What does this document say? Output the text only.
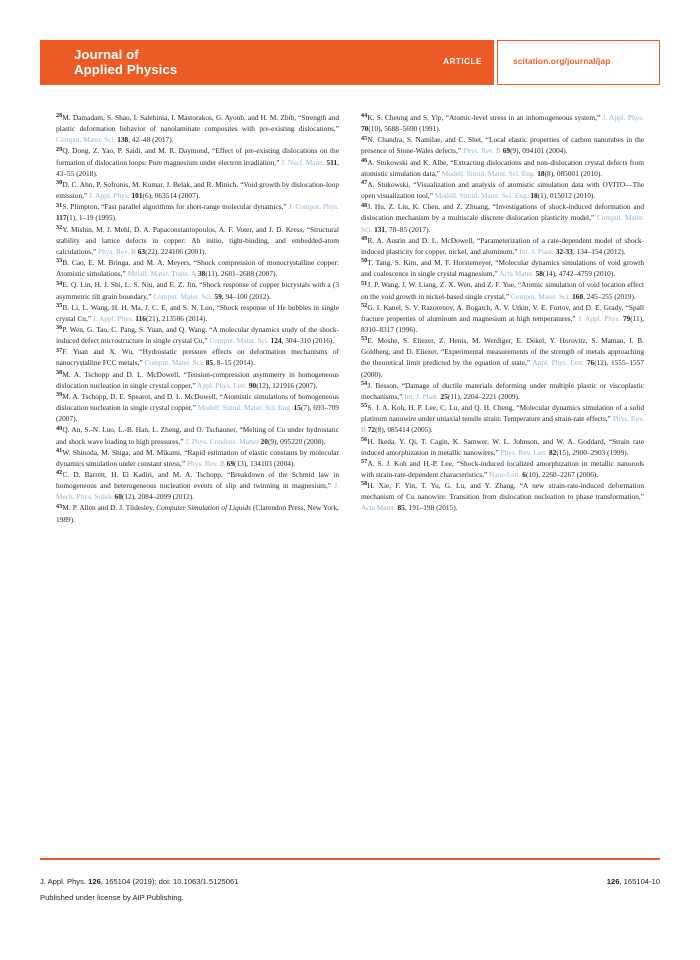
Journal of
Applied Physics
ARTICLE	scitation.org/journal/jap

$^{28}$M. Damadam, S. Shao, I. Salehinia, I. Mastorakos, G. Ayoub, and H. M. Zbib, “Strength and plastic deformation behavior of nanolaminate composites with pre-existing dislocations,” Comput. Mater. Sci. 138, 42–48 (2017).

$^{29}$Q. Dong, Z. Yao, P. Saidi, and M. R. Daymond, “Effect of pre-existing dislocations on the formation of dislocation loops: Pure magnesium under electron irradiation,” J. Nucl. Mater. 511, 43–55 (2018).

$^{30}$D. C. Ahn, P. Sofronis, M. Kumar, J. Belak, and R. Minich, “Void growth by dislocation-loop emission,” J. Appl. Phys. 101(6), 063514 (2007).

$^{31}$S. Plimpton, “Fast parallel algorithms for short-range molecular dynamics,” J. Comput. Phys. 117(1), 1–19 (1995).

$^{32}$Y. Mishin, M. J. Mehl, D. A. Papaconstantopoulos, A. F. Voter, and J. D. Kress, “Structural stability and lattice defects in copper: Ab initio, tight-binding, and embedded-atom calculations,” Phys. Rev. B 63(22), 224106 (2001).

$^{33}$B. Cao, E. M. Bringa, and M. A. Meyers, “Shock compression of monocrystalline copper: Atomistic simulations,” Metall. Mater. Trans. A 38(11), 2681–2688 (2007).

$^{34}$E. Q. Lin, H. J. Shi, L. S. Niu, and E. Z. Jin, “Shock response of copper bicrystals with a (3 asymmetric tilt grain boundary,” Comput. Mater. Sci. 59, 94–100 (2012).

$^{35}$B. Li, L. Wang, H. H. Ma, J. C. E, and S. N. Luo, “Shock response of He bubbles in single crystal Cu,” J. Appl. Phys. 116(21), 213506 (2014).

$^{36}$P. Wen, G. Tao, C. Pang, S. Yuan, and Q. Wang, “A molecular dynamics study of the shock-induced defect microstructure in single crystal Cu,” Comput. Mater. Sci. 124, 304–310 (2016).

$^{37}$F. Yuan and X. Wu, “Hydrostatic pressure effects on deformation mechanisms of nanocrystalline FCC metals,” Comput. Mater. Sci. 85, 8–15 (2014).

$^{38}$M. A. Tschopp and D. L. McDowell, “Tension-compression asymmetry in homogeneous dislocation nucleation in single crystal copper,” Appl. Phys. Lett. 90(12), 121916 (2007).

$^{39}$M. A. Tschopp, D. E. Spearot, and D. L. McDowell, “Atomistic simulations of homogeneous dislocation nucleation in single crystal copper,” Modell. Simul. Mater. Sci. Eng. 15(7), 693–709 (2007).

$^{40}$Q. An, S.-N. Luo, L.-B. Han, L. Zheng, and O. Tschauner, “Melting of Cu under hydrostatic and shock wave loading to high pressures,” J. Phys. Condens. Matter 20(9), 095220 (2008).

$^{41}$W. Shinoda, M. Shiga, and M. Mikami, “Rapid estimation of elastic constants by molecular dynamics simulation under constant stress,” Phys. Rev. B 69(13), 134103 (2004).

$^{42}$C. D. Barrett, H. El Kadiri, and M. A. Tschopp, “Breakdown of the Schmid law in homogeneous and heterogeneous nucleation events of slip and twinning in magnesium,” J. Mech. Phys. Solids 60(12), 2084–2099 (2012).

$^{43}$M. P. Allen and D. J. Tildesley, Computer Simulation of Liquids (Clarendon Press, New York, 1989).

$^{44}$K. S. Cheung and S. Yip, “Atomic-level stress in an inhomogeneous system,” J. Appl. Phys. 70(10), 5688–5690 (1991).

$^{45}$N. Chandra, S. Namilae, and C. Shet, “Local elastic properties of carbon nanotubes in the presence of Stone-Wales defects,” Phys. Rev. B 69(9), 094101 (2004).

$^{46}$A. Stukowski and K. Albe, “Extracting dislocations and non-dislocation crystal defects from atomistic simulation data,” Modell. Simul. Mater. Sci. Eng. 18(8), 085001 (2010).

$^{47}$A. Stukowski, “Visualization and analysis of atomistic simulation data with OVITO—The open visualization tool,” Modell. Simul. Mater. Sci. Eng. 18(1), 015012 (2010).

$^{48}$J. Hu, Z. Liu, K. Chen, and Z. Zhuang, “Investigations of shock-induced deformation and dislocation mechanism by a multiscale discrete dislocation plasticity model,” Comput. Mater. Sci. 131, 78–85 (2017).

$^{49}$R. A. Austin and D. L. McDowell, “Parameterization of a rate-dependent model of shock-induced plasticity for copper, nickel, and aluminum,” Int. J. Plast. 32-33, 134–154 (2012).

$^{50}$T. Tang, S. Kim, and M. F. Horstemeyer, “Molecular dynamics simulations of void growth and coalescence in single crystal magnesium,” Acta Mater. 58(14), 4742–4759 (2010).

$^{51}$J. P. Wang, J. W. Liang, Z. X. Wen, and Z. F. Yue, “Atomic simulation of void location effect on the void growth in nickel-based single crystal,” Comput. Mater. Sci. 160, 245–255 (2019).

$^{52}$G. I. Kanel, S. V. Razorenov, A. Bogatch, A. V. Utkin, V. E. Fortov, and D. E. Grady, “Spall fracture properties of aluminum and magnesium at high temperatures,” J. Appl. Phys. 79(11), 8310–8317 (1996).

$^{53}$E. Moshe, S. Eliezer, Z. Henis, M. Werdiger, E. Dekel, Y. Horovitz, S. Maman, I. B. Goldberg, and D. Eliezer, “Experimental measurements of the strength of metals approaching the theoretical limit predicted by the equation of state,” Appl. Phys. Lett. 76(12), 1555–1557 (2000).

$^{54}$J. Besson, “Damage of ductile materials deforming under multiple plastic or viscoplastic mechanisms,” Int. J. Plast. 25(11), 2204–2221 (2009).

$^{55}$S. J. A. Koh, H. P. Lee, C. Lu, and Q. H. Cheng, “Molecular dynamics simulation of a solid platinum nanowire under uniaxial tensile strain: Temperature and strain-rate effects,” Phys. Rev. B 72(8), 085414 (2005).

$^{56}$H. Ikeda, Y. Qi, T. Cagin, K. Samwer, W. L. Johnson, and W. A. Goddard, “Strain rate induced amorphization in metallic nanowires,” Phys. Rev. Lett. 82(15), 2900–2903 (1999).

$^{57}$A. S. J. Koh and H.-P. Lee, “Shock-induced localized amorphization in metallic nanorods with strain-rate-dependent characteristics,” Nano Lett. 6(10), 2260–2267 (2006).

$^{58}$H. Xie, F. Yin, T. Yu, G. Lu, and Y. Zhang, “A new strain-rate-induced deformation mechanism of Cu nanowire: Transition from dislocation nucleation to phase transformation,” Acta Mater. 85, 191–198 (2015).

J. Appl. Phys. 126, 165104 (2019); doi: 10.1063/1.5125061	126, 165104-10
Published under license by AIP Publishing.
